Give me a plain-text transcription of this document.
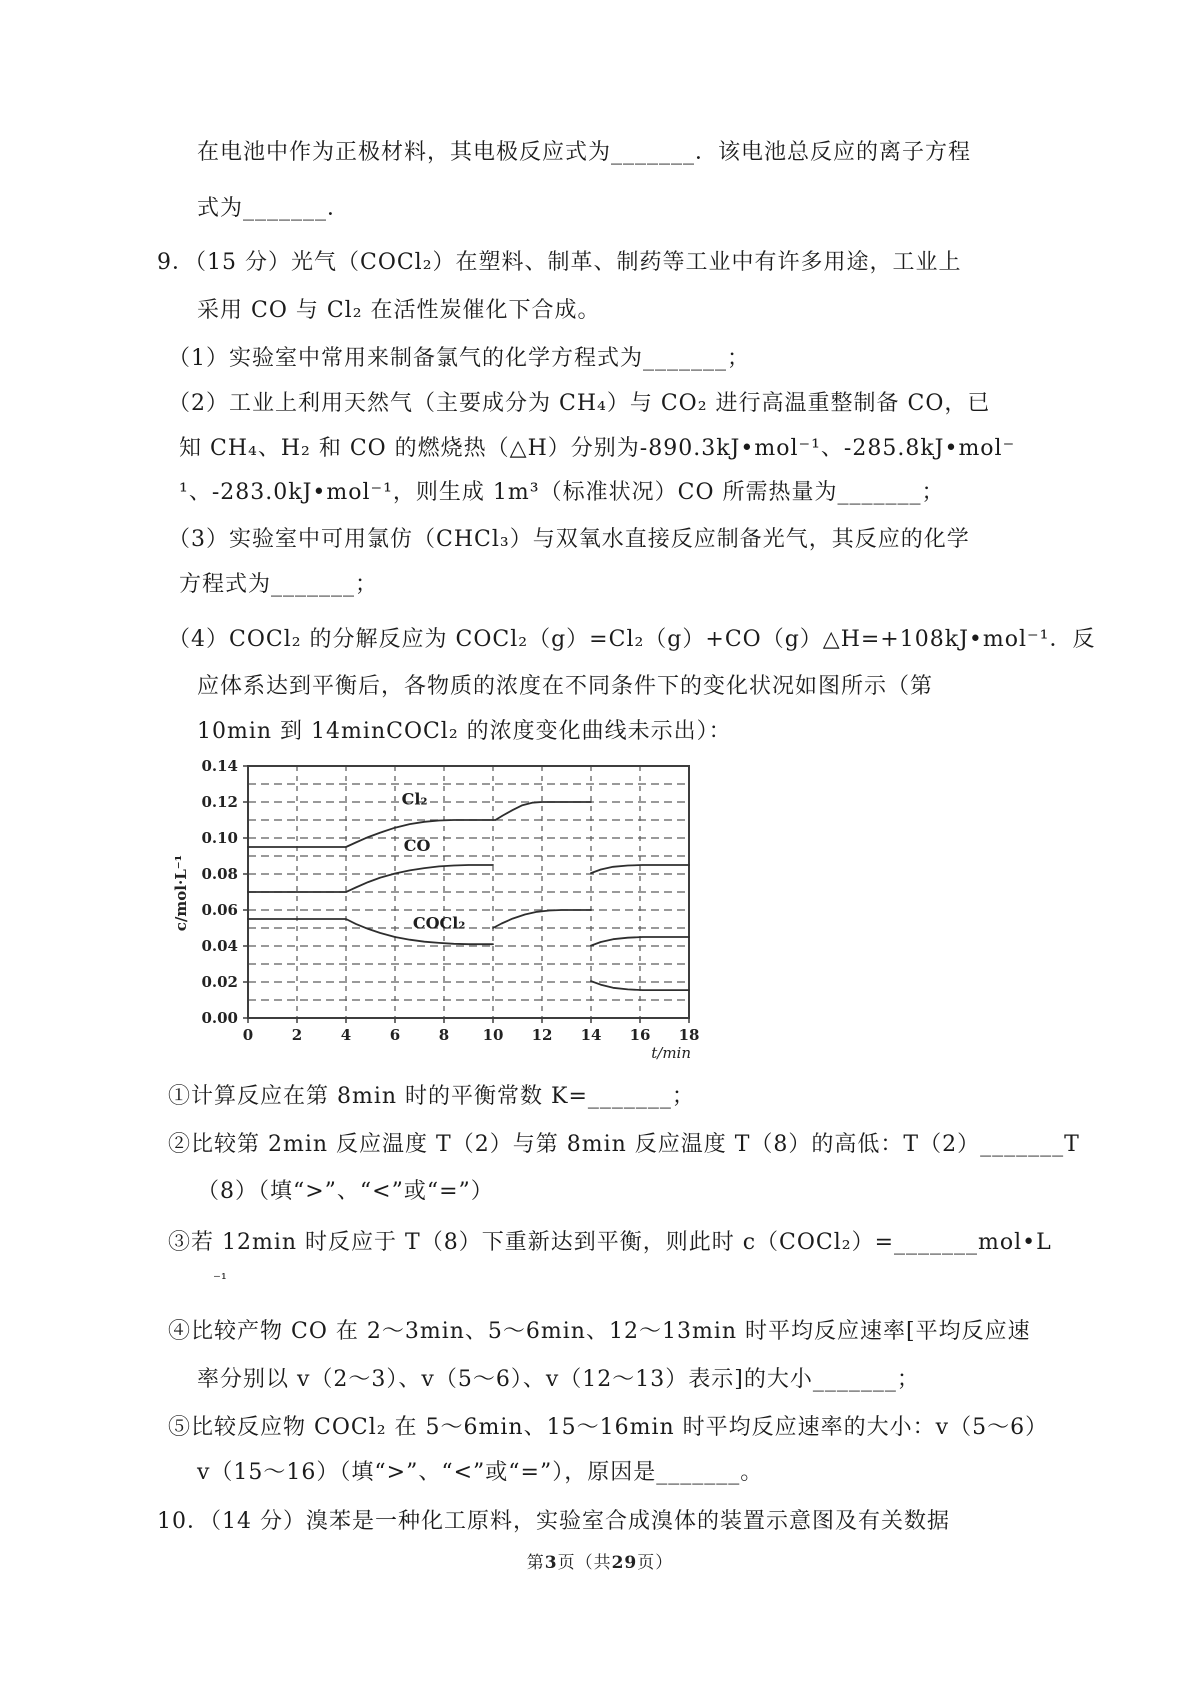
在电池中作为正极材料，其电极反应式为_______．该电池总反应的离子方程
式为_______．
9．（15 分）光气（COCl₂）在塑料、制革、制药等工业中有许多用途，工业上
采用 CO 与 Cl₂ 在活性炭催化下合成。
（1）实验室中常用来制备氯气的化学方程式为_______；
（2）工业上利用天然气（主要成分为 CH₄）与 CO₂ 进行高温重整制备 CO，已
知 CH₄、H₂ 和 CO 的燃烧热（△H）分别为-890.3kJ•mol⁻¹、-285.8kJ•mol⁻
¹、-283.0kJ•mol⁻¹，则生成 1m³（标准状况）CO 所需热量为_______；
（3）实验室中可用氯仿（CHCl₃）与双氧水直接反应制备光气，其反应的化学
方程式为_______；
（4）COCl₂ 的分解反应为 COCl₂（g）=Cl₂（g）+CO（g）△H=+108kJ•mol⁻¹．反
应体系达到平衡后，各物质的浓度在不同条件下的变化状况如图所示（第
10min 到 14minCOCl₂ 的浓度变化曲线未示出）：
①计算反应在第 8min 时的平衡常数 K=_______；
②比较第 2min 反应温度 T（2）与第 8min 反应温度 T（8）的高低：T（2）_______T
（8）（填“>”、“<”或“=”）
③若 12min 时反应于 T（8）下重新达到平衡，则此时 c（COCl₂）=_______mol•L
⁻¹
④比较产物 CO 在 2～3min、5～6min、12～13min 时平均反应速率[平均反应速
率分别以 v（2～3）、v（5～6）、v（12～13）表示]的大小_______；
⑤比较反应物 COCl₂ 在 5～6min、15～16min 时平均反应速率的大小：v（5～6）
v（15～16）（填“>”、“<”或“=”），原因是_______。
10．（14 分）溴苯是一种化工原料，实验室合成溴体的装置示意图及有关数据
0.00
0.02
0.04
0.06
0.08
0.10
0.12
0.14
0	2	4	6	8 10 12 14 16 18
c/mol·L⁻¹
t/min
Cl₂
CO
COCl₂
第3页（共29页）
